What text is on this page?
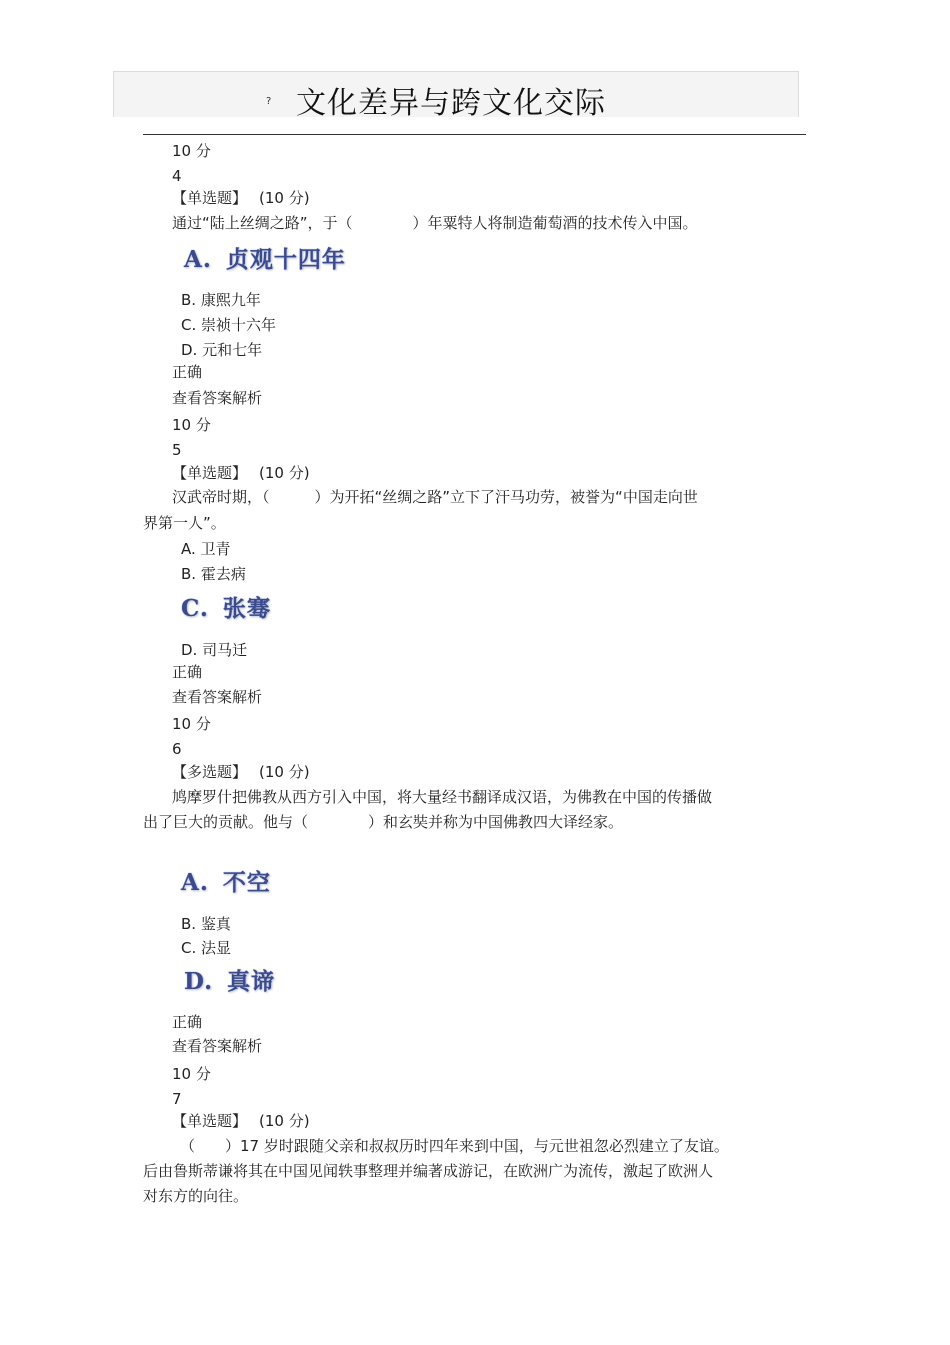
? 文化差异与跨文化交际
10 分
4
【单选题】 (10 分)
通过“陆上丝绸之路”，于（　　　　）年粟特人将制造葡萄酒的技术传入中国。
A. 贞观十四年
B. 康熙九年
C. 崇祯十六年
D. 元和七年
正确
查看答案解析
10 分
5
【单选题】 (10 分)
汉武帝时期，（　　　）为开拓“丝绸之路”立下了汗马功劳，被誉为“中国走向世
界第一人”。
A. 卫青
B. 霍去病
C. 张骞
D. 司马迁
正确
查看答案解析
10 分
6
【多选题】 (10 分)
鸠摩罗什把佛教从西方引入中国，将大量经书翻译成汉语，为佛教在中国的传播做
出了巨大的贡献。他与（　　　　）和玄奘并称为中国佛教四大译经家。
A. 不空
B. 鉴真
C. 法显
D. 真谛
正确
查看答案解析
10 分
7
【单选题】 (10 分)
（　　）17 岁时跟随父亲和叔叔历时四年来到中国，与元世祖忽必烈建立了友谊。
后由鲁斯蒂谦将其在中国见闻轶事整理并编著成游记，在欧洲广为流传，激起了欧洲人
对东方的向往。
